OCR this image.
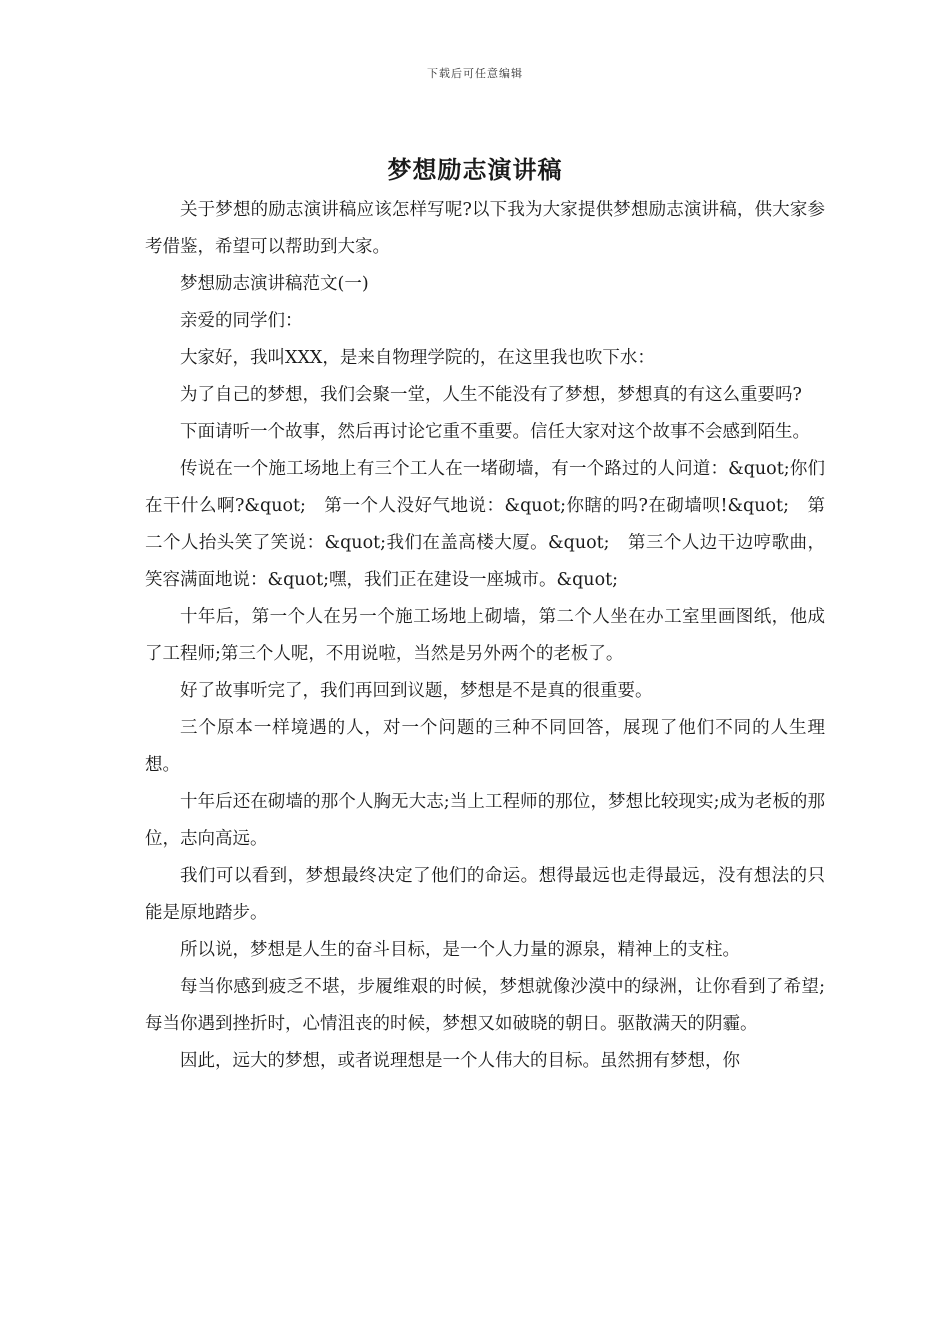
下载后可任意编辑
梦想励志演讲稿

关于梦想的励志演讲稿应该怎样写呢?以下我为大家提供梦想励志演讲稿，供大家参考借鉴，希望可以帮助到大家。

梦想励志演讲稿范文(一)

亲爱的同学们：

大家好，我叫XXX，是来自物理学院的，在这里我也吹下水：

为了自己的梦想，我们会聚一堂，人生不能没有了梦想，梦想真的有这么重要吗?

下面请听一个故事，然后再讨论它重不重要。信任大家对这个故事不会感到陌生。

传说在一个施工场地上有三个工人在一堵砌墙，有一个路过的人问道：&quot;你们在干什么啊?&quot;　第一个人没好气地说：&quot;你瞎的吗?在砌墙呗!&quot;　第二个人抬头笑了笑说：&quot;我们在盖高楼大厦。&quot;　第三个人边干边哼歌曲，笑容满面地说：&quot;嘿，我们正在建设一座城市。&quot;

十年后，第一个人在另一个施工场地上砌墙，第二个人坐在办工室里画图纸，他成了工程师;第三个人呢，不用说啦，当然是另外两个的老板了。

好了故事听完了，我们再回到议题，梦想是不是真的很重要。

三个原本一样境遇的人，对一个问题的三种不同回答，展现了他们不同的人生理想。

十年后还在砌墙的那个人胸无大志;当上工程师的那位，梦想比较现实;成为老板的那位，志向高远。

我们可以看到，梦想最终决定了他们的命运。想得最远也走得最远，没有想法的只能是原地踏步。

所以说，梦想是人生的奋斗目标，是一个人力量的源泉，精神上的支柱。

每当你感到疲乏不堪，步履维艰的时候，梦想就像沙漠中的绿洲，让你看到了希望;每当你遇到挫折时，心情沮丧的时候，梦想又如破晓的朝日。驱散满天的阴霾。

因此，远大的梦想，或者说理想是一个人伟大的目标。虽然拥有梦想，你
